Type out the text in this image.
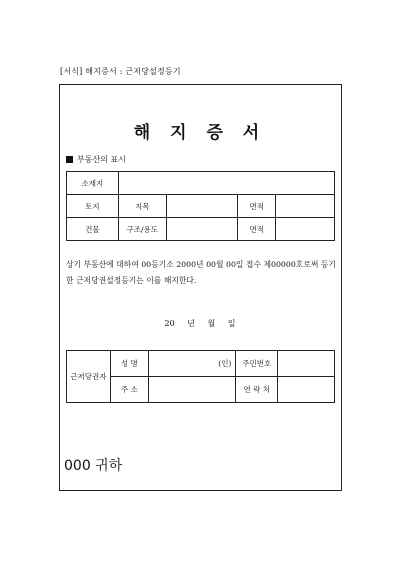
[서식] 해지증서 : 근저당설정등기
해 지 증 서
부동산의 표시
소재지				
토지	지목		면적	
건물	구조/용도		면적	
상기 부동산에 대하여 00등기소 2000년 00월 00일 접수 제00000호로써 등기한 근저당권설정등기는 이를 해지한다.
20 년 월 일
근저당권자	성 명	(인)	주민번호	
	주 소		연 락 처	
000 귀하
